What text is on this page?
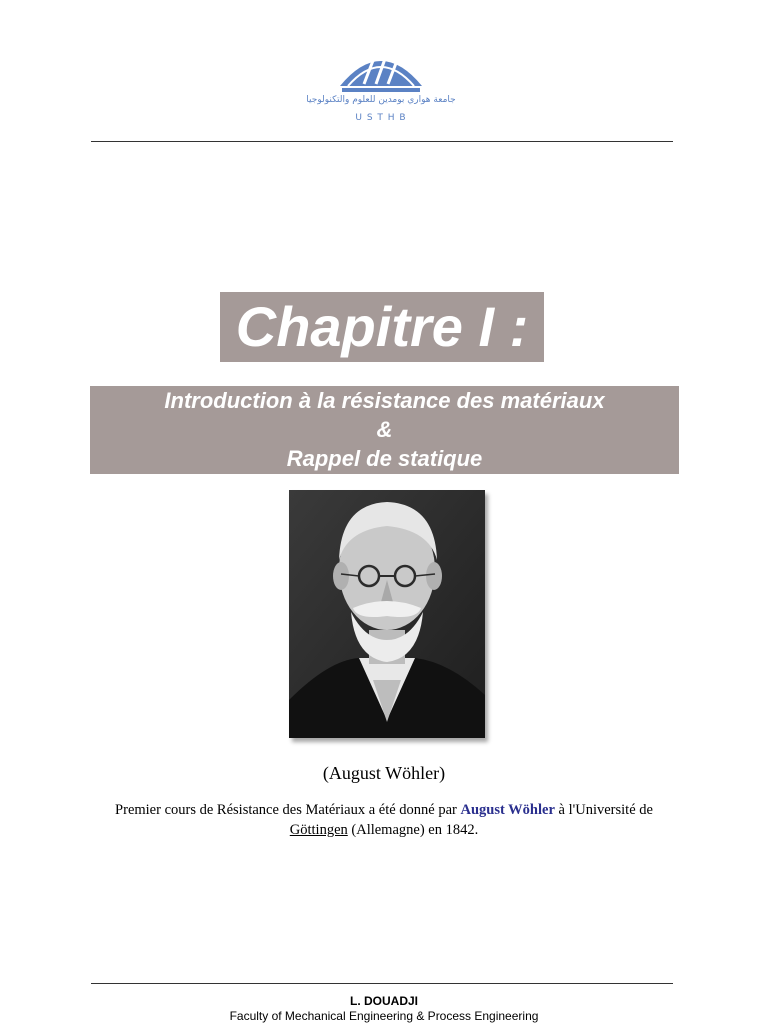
جامعة هواري بومدين للعلوم والتكنولوجيا
U S T H B
Chapitre I :
Introduction à la résistance des matériaux
&
Rappel de statique
(August Wöhler)
Premier cours de Résistance des Matériaux a été donné par August Wöhler à l'Université de Göttingen (Allemagne) en 1842.
L. DOUADJI
Faculty of Mechanical Engineering & Process Engineering
